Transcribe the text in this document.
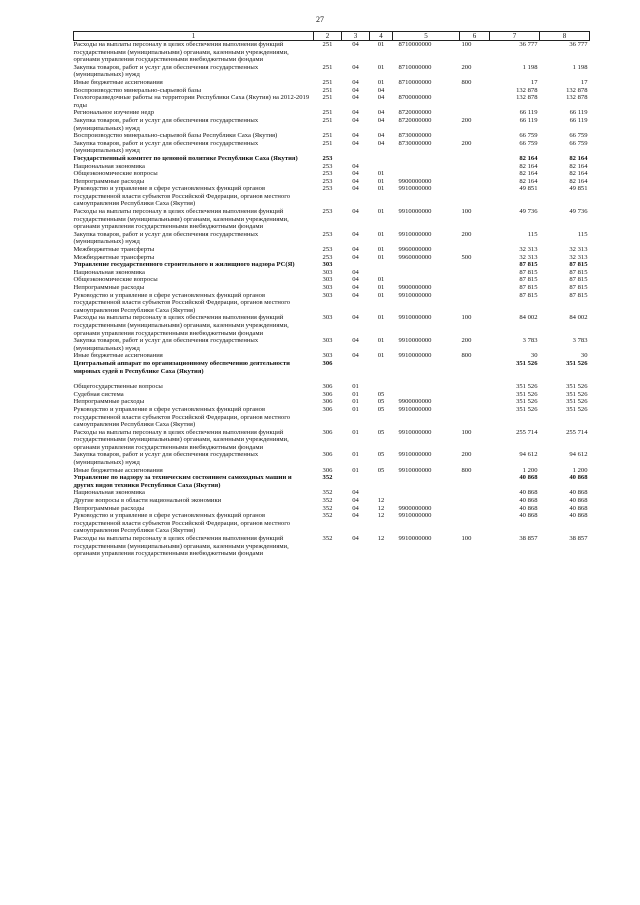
27
1	2	3	4	5	6	7	8
Расходы на выплаты персоналу в целях обеспечения выполнения функций государственными (муниципальными) органами, казенными учреждениями, органами управления государственными внебюджетными фондами	251	04	01	8710000000	100	36 777	36 777
Закупка товаров, работ и услуг для обеспечения государственных (муниципальных) нужд	251	04	01	8710000000	200	1 198	1 198
Иные бюджетные ассигнования	251	04	01	8710000000	800	17	17
Воспроизводство минерально-сырьевой базы	251	04	04			132 878	132 878
Геологоразведочные работы на территории Республики Саха (Якутия) на 2012-2019 годы	251	04	04	8700000000		132 878	132 878
Региональное изучение недр	251	04	04	8720000000		66 119	66 119
Закупка товаров, работ и услуг для обеспечения государственных (муниципальных) нужд	251	04	04	8720000000	200	66 119	66 119
Воспроизводство минерально-сырьевой базы Республики Саха (Якутия)	251	04	04	8730000000		66 759	66 759
Закупка товаров, работ и услуг для обеспечения государственных (муниципальных) нужд	251	04	04	8730000000	200	66 759	66 759
Государственный комитет по ценовой политике Республики Саха (Якутия)	253					82 164	82 164
Национальная экономика	253	04				82 164	82 164
Общеэкономические вопросы	253	04	01			82 164	82 164
Непрограммные расходы	253	04	01	9900000000		82 164	82 164
Руководство и управление в сфере установленных функций органов государственной власти субъектов Российской Федерации, органов местного самоуправления Республики Саха (Якутия)	253	04	01	9910000000		49 851	49 851
Расходы на выплаты персоналу в целях обеспечения выполнения функций государственными (муниципальными) органами, казенными учреждениями, органами управления государственными внебюджетными фондами	253	04	01	9910000000	100	49 736	49 736
Закупка товаров, работ и услуг для обеспечения государственных (муниципальных) нужд	253	04	01	9910000000	200	115	115
Межбюджетные трансферты	253	04	01	9960000000		32 313	32 313
Межбюджетные трансферты	253	04	01	9960000000	500	32 313	32 313
Управление государственного строительного и жилищного надзора РС(Я)	303					87 815	87 815
Национальная экономика	303	04				87 815	87 815
Общеэкономические вопросы	303	04	01			87 815	87 815
Непрограммные расходы	303	04	01	9900000000		87 815	87 815
Руководство и управление в сфере установленных функций органов государственной власти субъектов Российской Федерации, органов местного самоуправления Республики Саха (Якутия)	303	04	01	9910000000		87 815	87 815
Расходы на выплаты персоналу в целях обеспечения выполнения функций государственными (муниципальными) органами, казенными учреждениями, органами управления государственными внебюджетными фондами	303	04	01	9910000000	100	84 002	84 002
Закупка товаров, работ и услуг для обеспечения государственных (муниципальных) нужд	303	04	01	9910000000	200	3 783	3 783
Иные бюджетные ассигнования	303	04	01	9910000000	800	30	30
Центральный аппарат по организационному обеспечению деятельности мировых судей в Республике Саха (Якутия)	306					351 526	351 526

Общегосударственные вопросы	306	01				351 526	351 526
Судебная система	306	01	05			351 526	351 526
Непрограммные расходы	306	01	05	9900000000		351 526	351 526
Руководство и управление в сфере установленных функций органов государственной власти субъектов Российской Федерации, органов местного самоуправления Республики Саха (Якутия)	306	01	05	9910000000		351 526	351 526
Расходы на выплаты персоналу в целях обеспечения выполнения функций государственными (муниципальными) органами, казенными учреждениями, органами управления государственными внебюджетными фондами	306	01	05	9910000000	100	255 714	255 714
Закупка товаров, работ и услуг для обеспечения государственных (муниципальных) нужд	306	01	05	9910000000	200	94 612	94 612
Иные бюджетные ассигнования	306	01	05	9910000000	800	1 200	1 200
Управление по надзору за техническим состоянием самоходных машин и других видов техники Республики Саха (Якутия)	352					40 868	40 868
Национальная экономика	352	04				40 868	40 868
Другие вопросы в области национальной экономики	352	04	12			40 868	40 868
Непрограммные расходы	352	04	12	9900000000		40 868	40 868
Руководство и управление в сфере установленных функций органов государственной власти субъектов Российской Федерации, органов местного самоуправления Республики Саха (Якутия)	352	04	12	9910000000		40 868	40 868
Расходы на выплаты персоналу в целях обеспечения выполнения функций государственными (муниципальными) органами, казенными учреждениями, органами управления государственными внебюджетными фондами	352	04	12	9910000000	100	38 857	38 857
